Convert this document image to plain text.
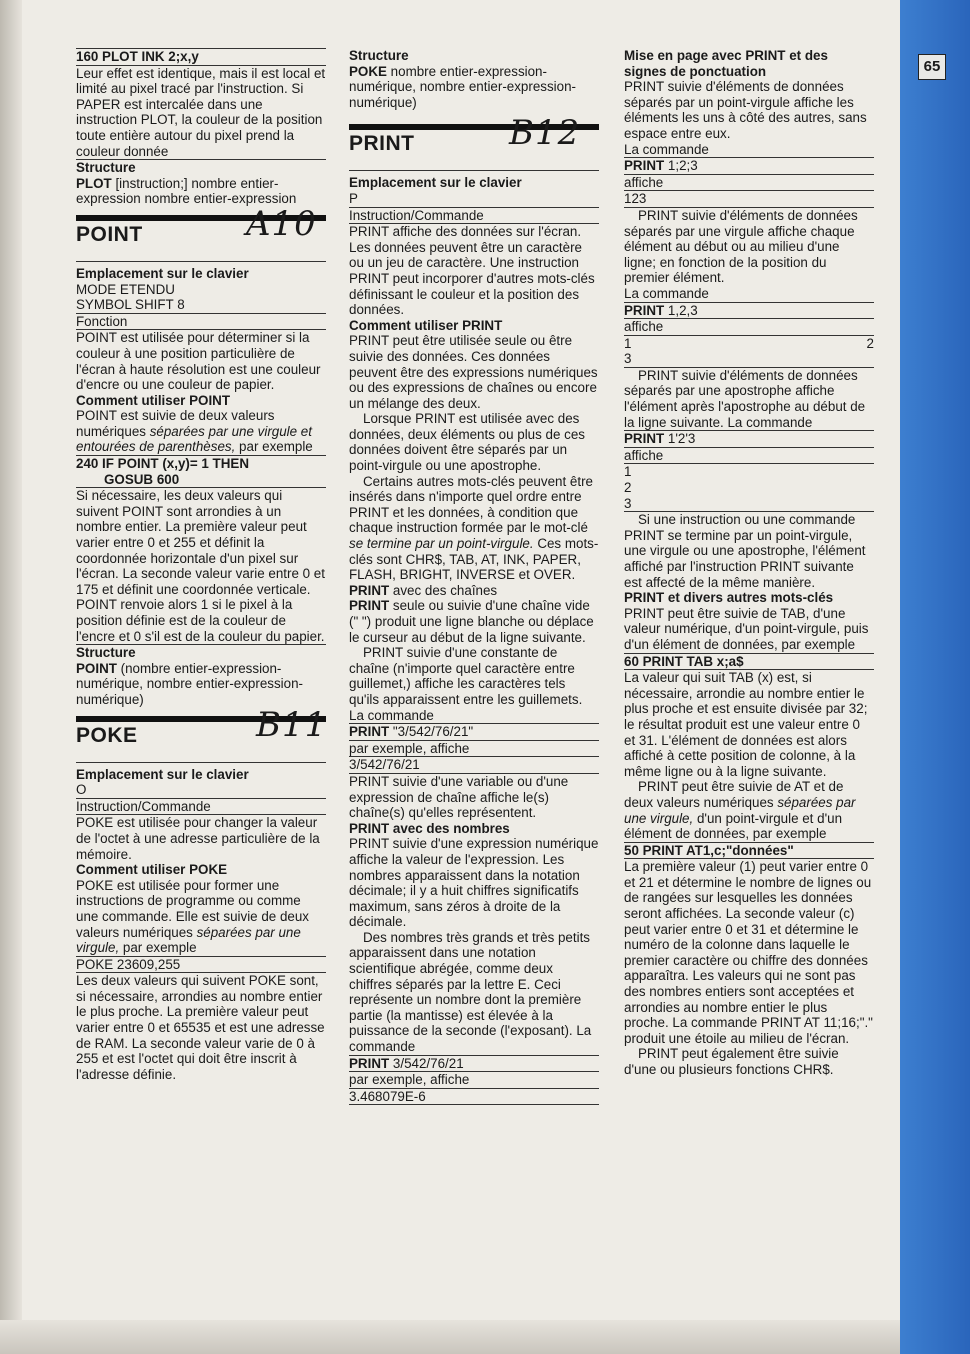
65

160 PLOT INK 2;x,y

Leur effet est identique, mais il est local et limité au pixel tracé par l'instruction. Si PAPER est intercalée dans une instruction PLOT, la couleur de la position toute entière autour du pixel prend la couleur donnée

Structure

PLOT [instruction;] nombre entier-expression nombre entier-expression

POINT	A10

Emplacement sur le clavier

MODE ETENDU

SYMBOL SHIFT 8

Fonction

POINT est utilisée pour déterminer si la couleur à une position particulière de l'écran à haute résolution est une couleur d'encre ou une couleur de papier.

Comment utiliser POINT

POINT est suivie de deux valeurs numériques séparées par une virgule et entourées de parenthèses, par exemple

240 IF POINT (x,y)= 1 THEN

GOSUB 600

Si nécessaire, les deux valeurs qui suivent POINT sont arrondies à un nombre entier. La première valeur peut varier entre 0 et 255 et définit la coordonnée horizontale d'un pixel sur l'écran. La seconde valeur varie entre 0 et 175 et définit une coordonnée verticale. POINT renvoie alors 1 si le pixel à la position définie est de la couleur de l'encre et 0 s'il est de la couleur du papier.

Structure

POINT (nombre entier-expression-numérique, nombre entier-expression-numérique)

POKE	B11

Emplacement sur le clavier

O

Instruction/Commande

POKE est utilisée pour changer la valeur de l'octet à une adresse particulière de la mémoire.

Comment utiliser POKE

POKE est utilisée pour former une instructions de programme ou comme une commande. Elle est suivie de deux valeurs numériques séparées par une virgule, par exemple

POKE 23609,255

Les deux valeurs qui suivent POKE sont, si nécessaire, arrondies au nombre entier le plus proche. La première valeur peut varier entre 0 et 65535 et est une adresse de RAM. La seconde valeur varie de 0 à 255 et est l'octet qui doit être inscrit à l'adresse définie.

Structure

POKE nombre entier-expression-numérique, nombre entier-expression-numérique)

PRINT	B12

Emplacement sur le clavier

P

Instruction/Commande

PRINT affiche des données sur l'écran. Les données peuvent être un caractère ou un jeu de caractère. Une instruction PRINT peut incorporer d'autres mots-clés définissant le couleur et la position des données.

Comment utiliser PRINT

PRINT peut être utilisée seule ou être suivie des données. Ces données peuvent être des expressions numériques ou des expressions de chaînes ou encore un mélange des deux.

Lorsque PRINT est utilisée avec des données, deux éléments ou plus de ces données doivent être séparés par un point-virgule ou une apostrophe.

Certains autres mots-clés peuvent être insérés dans n'importe quel ordre entre PRINT et les données, à condition que chaque instruction formée par le mot-clé se termine par un point-virgule. Ces mots-clés sont CHR$, TAB, AT, INK, PAPER, FLASH, BRIGHT, INVERSE et OVER.

PRINT avec des chaînes

PRINT seule ou suivie d'une chaîne vide (" ") produit une ligne blanche ou déplace le curseur au début de la ligne suivante.

PRINT suivie d'une constante de chaîne (n'importe quel caractère entre guillemet,) affiche les caractères tels qu'ils apparaissent entre les guillemets. La commande

PRINT "3/542/76/21"

par exemple, affiche

3/542/76/21

PRINT suivie d'une variable ou d'une expression de chaîne affiche le(s) chaîne(s) qu'elles représentent.

PRINT avec des nombres

PRINT suivie d'une expression numérique affiche la valeur de l'expression. Les nombres apparaissent dans la notation décimale; il y a huit chiffres significatifs maximum, sans zéros à droite de la décimale.

Des nombres très grands et très petits apparaissent dans une notation scientifique abrégée, comme deux chiffres séparés par la lettre E. Ceci représente un nombre dont la première partie (la mantisse) est élevée à la puissance de la seconde (l'exposant). La commande

PRINT 3/542/76/21

par exemple, affiche

3.468079E-6

Mise en page avec PRINT et des signes de ponctuation

PRINT suivie d'éléments de données séparés par un point-virgule affiche les éléments les uns à côté des autres, sans espace entre eux.

La commande

PRINT 1;2;3

affiche

123

PRINT suivie d'éléments de données séparés par une virgule affiche chaque élément au début ou au milieu d'une ligne; en fonction de la position du premier élément.

La commande

PRINT 1,2,3

affiche

1	2

3

PRINT suivie d'éléments de données séparés par une apostrophe affiche l'élément après l'apostrophe au début de la ligne suivante. La commande

PRINT 1'2'3

affiche

1

2

3

Si une instruction ou une commande PRINT se termine par un point-virgule, une virgule ou une apostrophe, l'élément affiché par l'instruction PRINT suivante est affecté de la même manière.

PRINT et divers autres mots-clés

PRINT peut être suivie de TAB, d'une valeur numérique, d'un point-virgule, puis d'un élément de données, par exemple

60 PRINT TAB x;a$

La valeur qui suit TAB (x) est, si nécessaire, arrondie au nombre entier le plus proche et est ensuite divisée par 32; le résultat produit est une valeur entre 0 et 31. L'élément de données est alors affiché à cette position de colonne, à la même ligne ou à la ligne suivante.

PRINT peut être suivie de AT et de deux valeurs numériques séparées par une virgule, d'un point-virgule et d'un élément de données, par exemple

50 PRINT AT1,c;"données"

La première valeur (1) peut varier entre 0 et 21 et détermine le nombre de lignes ou de rangées sur lesquelles les données seront affichées. La seconde valeur (c) peut varier entre 0 et 31 et détermine le numéro de la colonne dans laquelle le premier caractère ou chiffre des données apparaîtra. Les valeurs qui ne sont pas des nombres entiers sont acceptées et arrondies au nombre entier le plus proche. La commande PRINT AT 11;16;"." produit une étoile au milieu de l'écran.

PRINT peut également être suivie d'une ou plusieurs fonctions CHR$.
